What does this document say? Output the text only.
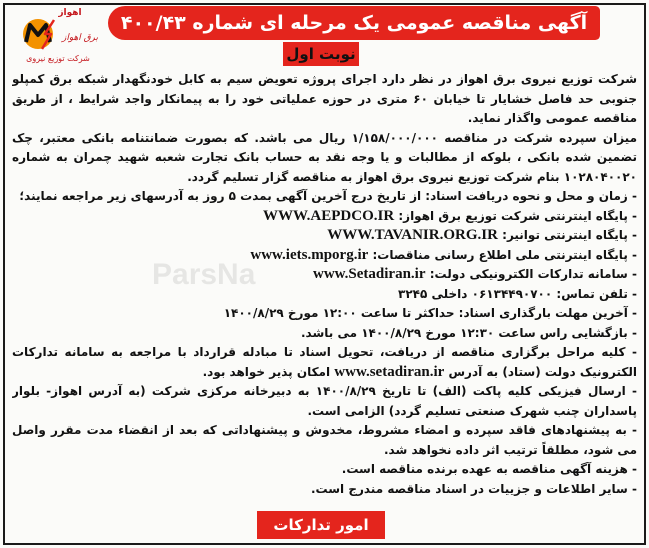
ParsNa
اهواز
برق اهواز
شرکت توزیع نیروی
آگهی مناقصه عمومی یک مرحله ای شماره ۴۰۰/۴۳
نوبت اول

شرکت توزیع نیروی برق اهواز در نظر دارد اجرای پروژه تعویض سیم به کابل خودنگهدار شبکه برق کمپلو جنوبی حد فاصل خشایار تا خیابان ۶۰ متری در حوزه عملیاتی خود را به پیمانکار واجد شرایط ، از طریق مناقصه عمومی واگذار نماید.

میزان سپرده شرکت در مناقصه ۱/۱۵۸/۰۰۰/۰۰۰ ریال می باشد. که بصورت ضمانتنامه بانکی معتبر، چک تضمین شده بانکی ، بلوکه از مطالبات و یا وجه نقد به حساب بانک تجارت شعبه شهید چمران به شماره ۱۰۲۸۰۴۰۰۲۰ بنام شرکت توزیع نیروی برق اهواز به مناقصه گزار تسلیم گردد.

- زمان و محل و نحوه دریافت اسناد: از تاریخ درج آخرین آگهی بمدت ۵ روز به آدرسهای زیر مراجعه نمایند؛

- پایگاه اینترنتی شرکت توزیع برق اهواز: WWW.AEPDCO.IR

- پایگاه اینترنتی توانیر: WWW.TAVANIR.ORG.IR

- پایگاه اینترنتی ملی اطلاع رسانی مناقصات: www.iets.mporg.ir

- سامانه تدارکات الکترونیکی دولت: www.Setadiran.ir

- تلفن تماس: ۰۶۱۳۴۴۹۰۷۰۰ داخلی ۳۲۴۵

- آخرین مهلت بارگذاری اسناد: حداکثر تا ساعت ۱۲:۰۰ مورخ ۱۴۰۰/۸/۲۹

- بازگشایی راس ساعت ۱۲:۳۰ مورخ ۱۴۰۰/۸/۲۹ می باشد.

- کلیه مراحل برگزاری مناقصه از دریافت، تحویل اسناد تا مبادله قرارداد با مراجعه به سامانه تدارکات الکترونیک دولت (ستاد) به آدرس www.setadiran.ir امکان پذیر خواهد بود.

- ارسال فیزیکی کلیه پاکت (الف) تا تاریخ ۱۴۰۰/۸/۲۹ به دبیرخانه مرکزی شرکت (به آدرس اهواز- بلوار پاسداران چنب شهرک صنعتی تسلیم گردد) الزامی است.

- به پیشنهادهای فاقد سپرده و امضاء مشروط، مخدوش و پیشنهاداتی که بعد از انقضاء مدت مقرر واصل می شود، مطلقاً ترتیب اثر داده نخواهد شد.

- هزینه آگهی مناقصه به عهده برنده مناقصه است.

- سایر اطلاعات و جزییات در اسناد مناقصه مندرج است.

امور تدارکات
